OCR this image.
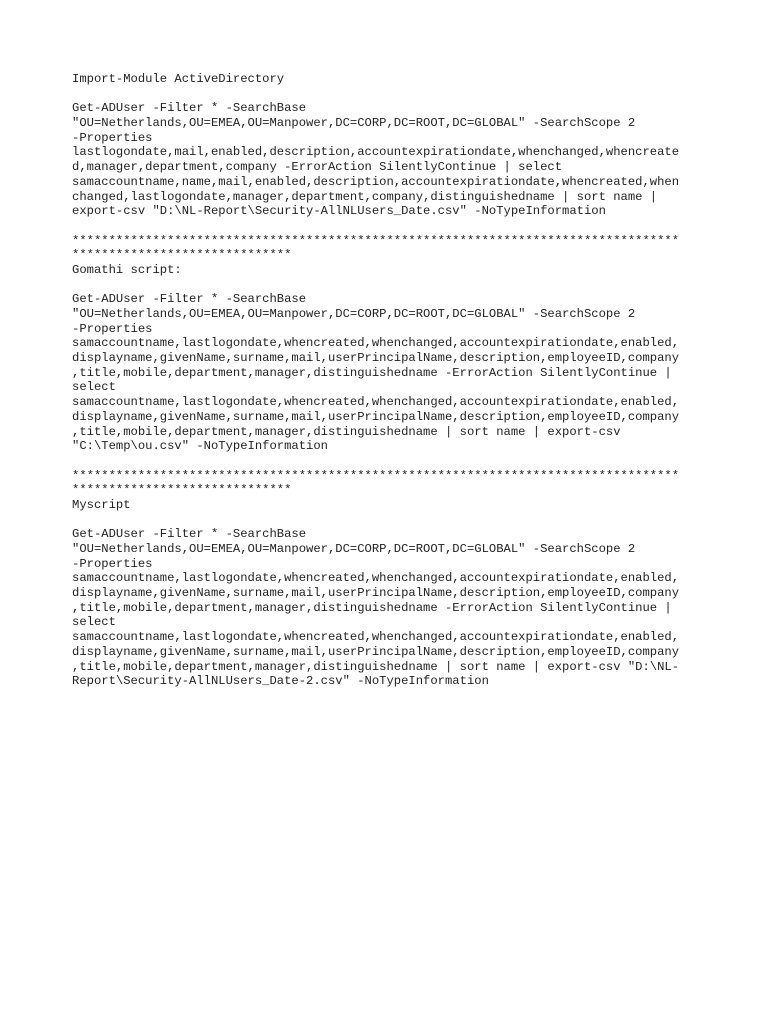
Import-Module ActiveDirectory
Get-ADUser -Filter * -SearchBase
"OU=Netherlands,OU=EMEA,OU=Manpower,DC=CORP,DC=ROOT,DC=GLOBAL" -SearchScope 2
-Properties
lastlogondate,mail,enabled,description,accountexpirationdate,whenchanged,whencreate
d,manager,department,company -ErrorAction SilentlyContinue | select
samaccountname,name,mail,enabled,description,accountexpirationdate,whencreated,when
changed,lastlogondate,manager,department,company,distinguishedname | sort name |
export-csv "D:\NL-Report\Security-AllNLUsers_Date.csv" -NoTypeInformation
***********************************************************************************
******************************
Gomathi script:
Get-ADUser -Filter * -SearchBase
"OU=Netherlands,OU=EMEA,OU=Manpower,DC=CORP,DC=ROOT,DC=GLOBAL" -SearchScope 2
-Properties
samaccountname,lastlogondate,whencreated,whenchanged,accountexpirationdate,enabled,
displayname,givenName,surname,mail,userPrincipalName,description,employeeID,company
,title,mobile,department,manager,distinguishedname -ErrorAction SilentlyContinue |
select
samaccountname,lastlogondate,whencreated,whenchanged,accountexpirationdate,enabled,
displayname,givenName,surname,mail,userPrincipalName,description,employeeID,company
,title,mobile,department,manager,distinguishedname | sort name | export-csv
"C:\Temp\ou.csv" -NoTypeInformation
***********************************************************************************
******************************
Myscript
Get-ADUser -Filter * -SearchBase
"OU=Netherlands,OU=EMEA,OU=Manpower,DC=CORP,DC=ROOT,DC=GLOBAL" -SearchScope 2
-Properties
samaccountname,lastlogondate,whencreated,whenchanged,accountexpirationdate,enabled,
displayname,givenName,surname,mail,userPrincipalName,description,employeeID,company
,title,mobile,department,manager,distinguishedname -ErrorAction SilentlyContinue |
select
samaccountname,lastlogondate,whencreated,whenchanged,accountexpirationdate,enabled,
displayname,givenName,surname,mail,userPrincipalName,description,employeeID,company
,title,mobile,department,manager,distinguishedname | sort name | export-csv "D:\NL-
Report\Security-AllNLUsers_Date-2.csv" -NoTypeInformation
